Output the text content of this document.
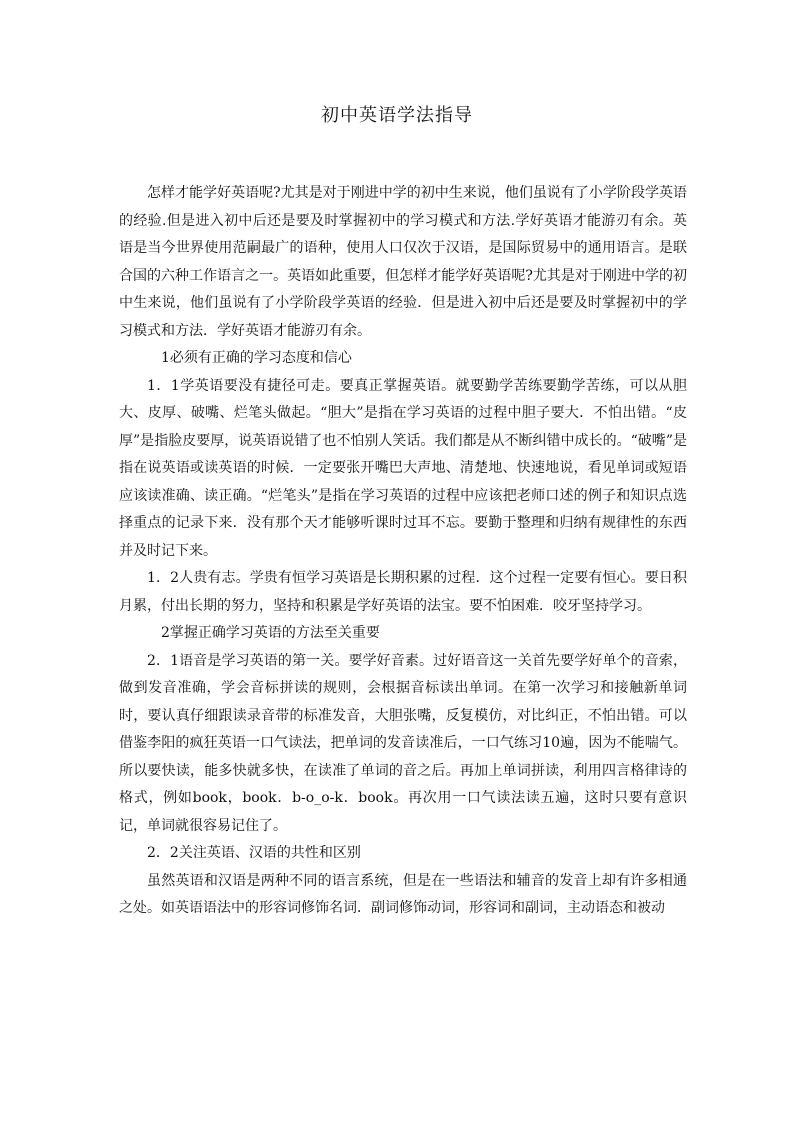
初中英语学法指导

怎样才能学好英语呢?尤其是对于刚进中学的初中生来说，他们虽说有了小学阶段学英语的经验.但是进入初中后还是要及时掌握初中的学习模式和方法.学好英语才能游刃有余。英语是当今世界使用范嗣最广的语种，使用人口仅次于汉语，是国际贸易中的通用语言。是联合国的六种工作语言之一。英语如此重要，但怎样才能学好英语呢?尤其是对于刚进中学的初中生来说，他们虽说有了小学阶段学英语的经验．但是进入初中后还是要及时掌握初中的学习模式和方法．学好英语才能游刃有余。

1必须有正确的学习态度和信心

1．1学英语要没有捷径可走。要真正掌握英语。就要勤学苦练要勤学苦练，可以从胆大、皮厚、破嘴、烂笔头做起。“胆大”是指在学习英语的过程中胆子要大．不怕出错。“皮厚”是指脸皮要厚，说英语说错了也不怕别人笑话。我们都是从不断纠错中成长的。“破嘴”是指在说英语或读英语的时候．一定要张开嘴巴大声地、清楚地、快速地说，看见单词或短语应该读准确、读正确。“烂笔头”是指在学习英语的过程中应该把老师口述的例子和知识点选择重点的记录下来．没有那个天才能够听课时过耳不忘。要勤于整理和归纳有规律性的东西并及时记下来。

1．2人贵有志。学贵有恒学习英语是长期积累的过程．这个过程一定要有恒心。要日积月累，付出长期的努力，坚持和积累是学好英语的法宝。要不怕困难．咬牙坚持学习。

2掌握正确学习英语的方法至关重要

2．1语音是学习英语的第一关。要学好音素。过好语音这一关首先要学好单个的音索，做到发音准确，学会音标拼读的规则，会根据音标读出单词。在第一次学习和接触新单词时，要认真仔细跟读录音带的标准发音，大胆张嘴，反复模仿，对比纠正，不怕出错。可以借鉴李阳的疯狂英语一口气读法，把单词的发音读准后，一口气练习10遍，因为不能喘气。所以要快读，能多快就多快，在读准了单词的音之后。再加上单词拼读，利用四言格律诗的格式，例如book，book．b-o_o-k．book。再次用一口气读法读五遍，这时只要有意识记，单词就很容易记住了。

2．2关注英语、汉语的共性和区别

虽然英语和汉语是两种不同的语言系统，但是在一些语法和辅音的发音上却有许多相通之处。如英语语法中的形容词修饰名词．副词修饰动词，形容词和副词，主动语态和被动
